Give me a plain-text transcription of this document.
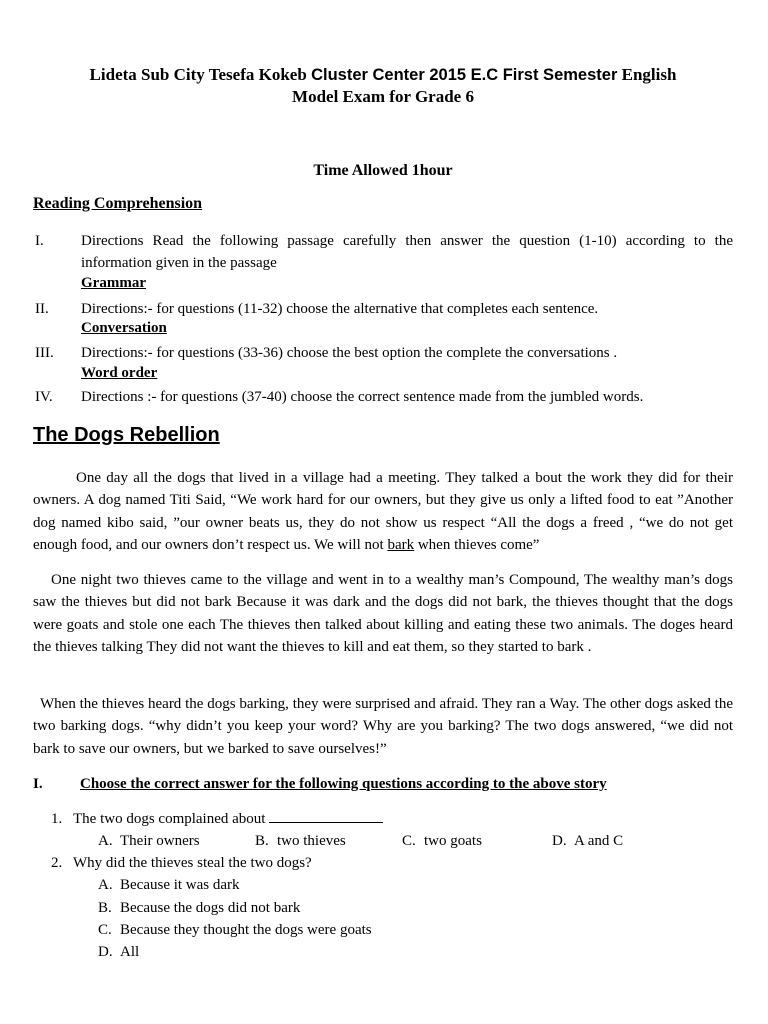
Lideta Sub City Tesefa Kokeb Cluster Center 2015 E.C First Semester English
Model Exam for Grade 6
Time Allowed 1hour
Reading Comprehension
I. Directions Read the following passage carefully then answer the question (1-10) according to the information given in the passage
Grammar
II. Directions:- for questions (11-32) choose the alternative that completes each sentence.
Conversation
III. Directions:- for questions (33-36) choose the best option the complete the conversations .
Word order
IV. Directions :- for questions (37-40) choose the correct sentence made from the jumbled words.
The Dogs Rebellion
One day all the dogs that lived in a village had a meeting. They talked a bout the work they did for their owners. A dog named Titi Said, “We work hard for our owners, but they give us only a lifted food to eat ”Another dog named kibo said, ”our owner beats us, they do not show us respect “All the dogs a freed , “we do not get enough food, and our owners don’t respect us. We will not bark when thieves come”
One night two thieves came to the village and went in to a wealthy man’s Compound, The wealthy man’s dogs saw the thieves but did not bark Because it was dark and the dogs did not bark, the thieves thought that the dogs were goats and stole one each The thieves then talked about killing and eating these two animals. The doges heard the thieves talking They did not want the thieves to kill and eat them, so they started to bark .
When the thieves heard the dogs barking, they were surprised and afraid. They ran a Way. The other dogs asked the two barking dogs. “why didn’t you keep your word? Why are you barking? The two dogs answered, “we did not bark to save our owners, but we barked to save ourselves!”
I. Choose the correct answer for the following questions according to the above story
1. The two dogs complained about
A. Their owners	B. two thieves	C. two goats	D. A and C
2. Why did the thieves steal the two dogs?
A. Because it was dark
B. Because the dogs did not bark
C. Because they thought the dogs were goats
D. All
